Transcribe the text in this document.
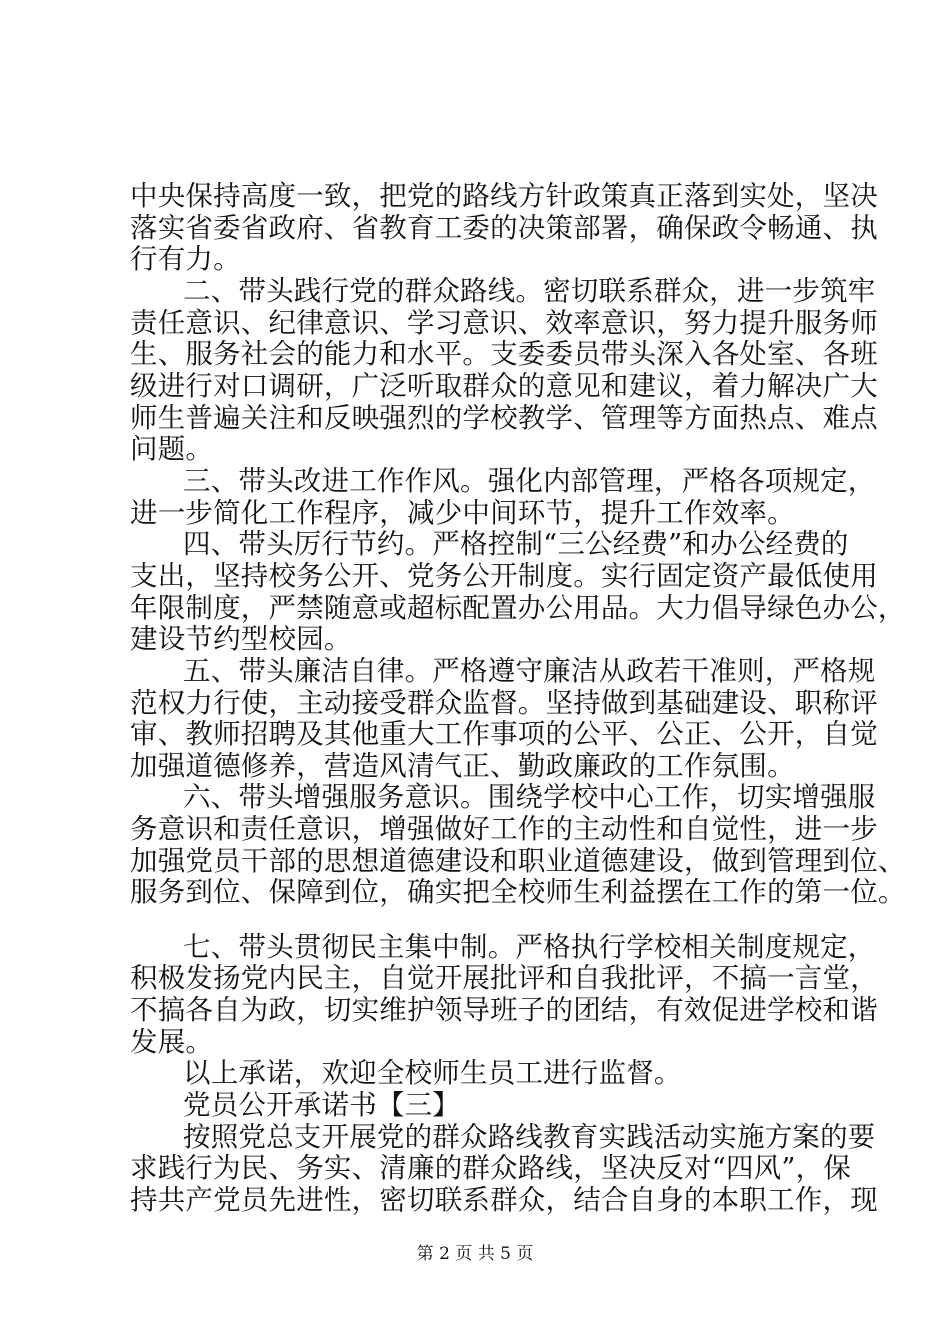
中央保持高度一致，把党的路线方针政策真正落到实处，坚决
落实省委省政府、省教育工委的决策部署，确保政令畅通、执
行有力。
二、带头践行党的群众路线。密切联系群众，进一步筑牢
责任意识、纪律意识、学习意识、效率意识，努力提升服务师
生、服务社会的能力和水平。支委委员带头深入各处室、各班
级进行对口调研，广泛听取群众的意见和建议，着力解决广大
师生普遍关注和反映强烈的学校教学、管理等方面热点、难点
问题。
三、带头改进工作作风。强化内部管理，严格各项规定，
进一步简化工作程序，减少中间环节，提升工作效率。
四、带头厉行节约。严格控制“三公经费”和办公经费的
支出，坚持校务公开、党务公开制度。实行固定资产最低使用
年限制度，严禁随意或超标配置办公用品。大力倡导绿色办公，
建设节约型校园。
五、带头廉洁自律。严格遵守廉洁从政若干准则，严格规
范权力行使，主动接受群众监督。坚持做到基础建设、职称评
审、教师招聘及其他重大工作事项的公平、公正、公开，自觉
加强道德修养，营造风清气正、勤政廉政的工作氛围。
六、带头增强服务意识。围绕学校中心工作，切实增强服
务意识和责任意识，增强做好工作的主动性和自觉性，进一步
加强党员干部的思想道德建设和职业道德建设，做到管理到位、
服务到位、保障到位，确实把全校师生利益摆在工作的第一位。
七、带头贯彻民主集中制。严格执行学校相关制度规定，
积极发扬党内民主，自觉开展批评和自我批评，不搞一言堂，
不搞各自为政，切实维护领导班子的团结，有效促进学校和谐
发展。
以上承诺，欢迎全校师生员工进行监督。
党员公开承诺书【三】
按照党总支开展党的群众路线教育实践活动实施方案的要
求践行为民、务实、清廉的群众路线，坚决反对“四风”，保
持共产党员先进性，密切联系群众，结合自身的本职工作，现
第 2 页 共 5 页
